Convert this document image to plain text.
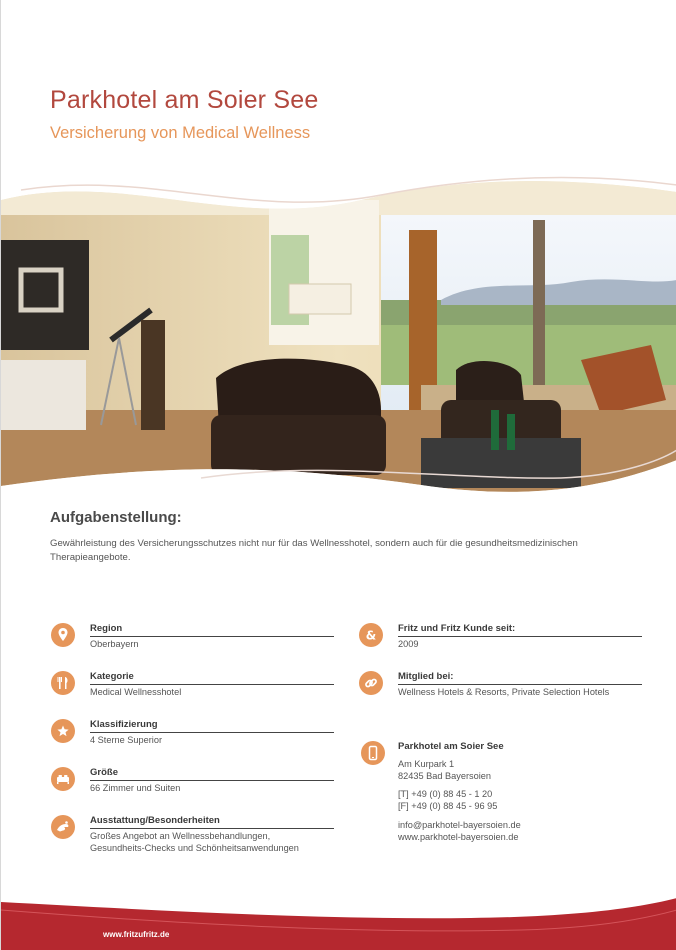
Parkhotel am Soier See
Versicherung von Medical Wellness
Aufgabenstellung:

Gewährleistung des Versicherungsschutzes nicht nur für das Wellnesshotel, sondern auch für die gesundheitsmedizinischen Therapieangebote.

Region
Oberbayern
Kategorie
Medical Wellnesshotel
Klassifizierung
4 Sterne Superior
Größe
66 Zimmer und Suiten
Ausstattung/Besonderheiten
Großes Angebot an Wellnessbehandlungen,
Gesundheits-Checks und Schönheitsanwendungen
& Fritz und Fritz Kunde seit:
2009
Mitglied bei:
Wellness Hotels & Resorts, Private Selection Hotels
Parkhotel am Soier See
Am Kurpark 1
82435 Bad Bayersoien
[T] +49 (0) 88 45 - 1 20
[F] +49 (0) 88 45 - 96 95
info@parkhotel-bayersoien.de
www.parkhotel-bayersoien.de
www.fritzufritz.de
